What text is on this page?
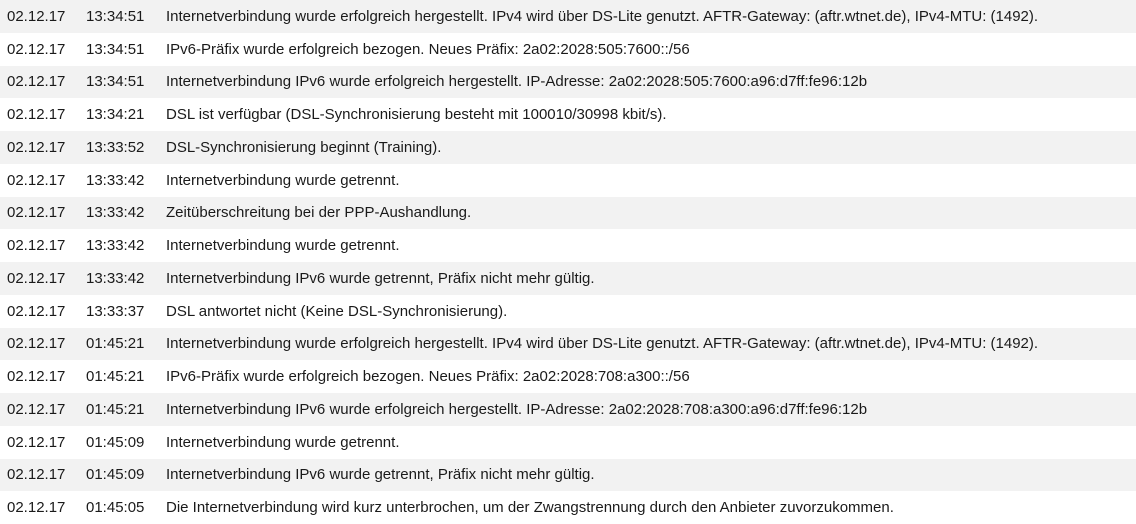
02.12.17	13:34:51	Internetverbindung wurde erfolgreich hergestellt. IPv4 wird über DS-Lite genutzt. AFTR-Gateway: (aftr.wtnet.de), IPv4-MTU: (1492).
02.12.17	13:34:51	IPv6-Präfix wurde erfolgreich bezogen. Neues Präfix: 2a02:2028:505:7600::/56
02.12.17	13:34:51	Internetverbindung IPv6 wurde erfolgreich hergestellt. IP-Adresse: 2a02:2028:505:7600:a96:d7ff:fe96:12b
02.12.17	13:34:21	DSL ist verfügbar (DSL-Synchronisierung besteht mit 100010/30998 kbit/s).
02.12.17	13:33:52	DSL-Synchronisierung beginnt (Training).
02.12.17	13:33:42	Internetverbindung wurde getrennt.
02.12.17	13:33:42	Zeitüberschreitung bei der PPP-Aushandlung.
02.12.17	13:33:42	Internetverbindung wurde getrennt.
02.12.17	13:33:42	Internetverbindung IPv6 wurde getrennt, Präfix nicht mehr gültig.
02.12.17	13:33:37	DSL antwortet nicht (Keine DSL-Synchronisierung).
02.12.17	01:45:21	Internetverbindung wurde erfolgreich hergestellt. IPv4 wird über DS-Lite genutzt. AFTR-Gateway: (aftr.wtnet.de), IPv4-MTU: (1492).
02.12.17	01:45:21	IPv6-Präfix wurde erfolgreich bezogen. Neues Präfix: 2a02:2028:708:a300::/56
02.12.17	01:45:21	Internetverbindung IPv6 wurde erfolgreich hergestellt. IP-Adresse: 2a02:2028:708:a300:a96:d7ff:fe96:12b
02.12.17	01:45:09	Internetverbindung wurde getrennt.
02.12.17	01:45:09	Internetverbindung IPv6 wurde getrennt, Präfix nicht mehr gültig.
02.12.17	01:45:05	Die Internetverbindung wird kurz unterbrochen, um der Zwangstrennung durch den Anbieter zuvorzukommen.
